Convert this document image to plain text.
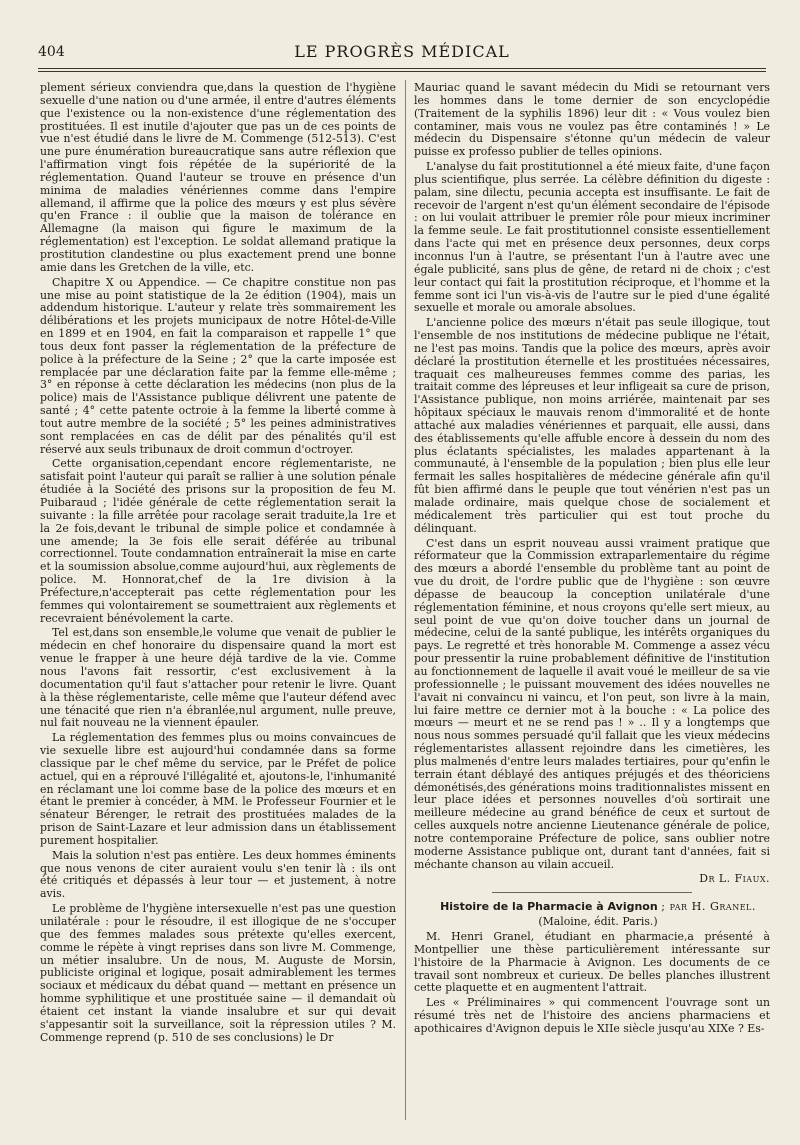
404	LE PROGRÈS MÉDICAL

plement sérieux conviendra que,dans la question de l'hygiène sexuelle d'une nation ou d'une armée, il entre d'autres éléments que l'existence ou la non-existence d'une réglementation des prostituées. Il est inutile d'ajouter que pas un de ces points de vue n'est étudié dans le livre de M. Commenge (512-513). C'est une pure énumération bureaucratique sans autre réflexion que l'affirmation vingt fois répétée de la supériorité de la réglementation. Quand l'auteur se trouve en présence d'un minima de maladies vénériennes comme dans l'empire allemand, il affirme que la police des mœurs y est plus sévère qu'en France : il oublie que la maison de tolérance en Allemagne (la maison qui figure le maximum de la réglementation) est l'exception. Le soldat allemand pratique la prostitution clandestine ou plus exactement prend une bonne amie dans les Gretchen de la ville, etc.

Chapitre X ou Appendice. — Ce chapitre constitue non pas une mise au point statistique de la 2e édition (1904), mais un addendum historique. L'auteur y relate très sommairement les délibérations et les projets municipaux de notre Hôtel-de-Ville en 1899 et en 1904, en fait la comparaison et rappelle 1° que tous deux font passer la réglementation de la préfecture de police à la préfecture de la Seine ; 2° que la carte imposée est remplacée par une déclaration faite par la femme elle-même ; 3° en réponse à cette déclaration les médecins (non plus de la police) mais de l'Assistance publique délivrent une patente de santé ; 4° cette patente octroie à la femme la liberté comme à tout autre membre de la société ; 5° les peines administratives sont remplacées en cas de délit par des pénalités qu'il est réservé aux seuls tribunaux de droit commun d'octroyer.

Cette organisation,cependant encore réglementariste, ne satisfait point l'auteur qui paraît se rallier à une solution pénale étudiée à la Société des prisons sur la proposition de feu M. Puibaraud ; l'idée générale de cette réglementation serait la suivante : la fille arrêtée pour racolage serait traduite,la 1re et la 2e fois,devant le tribunal de simple police et condamnée à une amende; la 3e fois elle serait déférée au tribunal correctionnel. Toute condamnation entraînerait la mise en carte et la soumission absolue,comme aujourd'hui, aux règlements de police. M. Honnorat,chef de la 1re division à la Préfecture,n'accepterait pas cette réglementation pour les femmes qui volontairement se soumettraient aux règlements et recevraient bénévolement la carte.

Tel est,dans son ensemble,le volume que venait de publier le médecin en chef honoraire du dispensaire quand la mort est venue le frapper à une heure déjà tardive de la vie. Comme nous l'avons fait ressortir, c'est exclusivement à la documentation qu'il faut s'attacher pour retenir le livre. Quant à la thèse réglementariste, celle même que l'auteur défend avec une ténacité que rien n'a ébranlée,nul argument, nulle preuve, nul fait nouveau ne la viennent épauler.

La réglementation des femmes plus ou moins convaincues de vie sexuelle libre est aujourd'hui condamnée dans sa forme classique par le chef même du service, par le Préfet de police actuel, qui en a réprouvé l'illégalité et, ajoutons-le, l'inhumanité en réclamant une loi comme base de la police des mœurs et en étant le premier à concéder, à MM. le Professeur Fournier et le sénateur Bérenger, le retrait des prostituées malades de la prison de Saint-Lazare et leur admission dans un établissement purement hospitalier.

Mais la solution n'est pas entière. Les deux hommes éminents que nous venons de citer auraient voulu s'en tenir là : ils ont été critiqués et dépassés à leur tour — et justement, à notre avis.

Le problème de l'hygiène intersexuelle n'est pas une question unilatérale : pour le résoudre, il est illogique de ne s'occuper que des femmes malades sous prétexte qu'elles exercent, comme le répète à vingt reprises dans son livre M. Commenge, un métier insalubre. Un de nous, M. Auguste de Morsin, publiciste original et logique, posait admirablement les termes sociaux et médicaux du débat quand — mettant en présence un homme syphilitique et une prostituée saine — il demandait où étaient cet instant la viande insalubre et sur qui devait s'appesantir soit la surveillance, soit la répression utiles ? M. Commenge reprend (p. 510 de ses conclusions) le Dr

Mauriac quand le savant médecin du Midi se retournant vers les hommes dans le tome dernier de son encyclopédie (Traitement de la syphilis 1896) leur dit : « Vous voulez bien contaminer, mais vous ne voulez pas être contaminés ! » Le médecin du Dispensaire s'étonne qu'un médecin de valeur puisse ex professo publier de telles opinions.

L'analyse du fait prostitutionnel a été mieux faite, d'une façon plus scientifique, plus serrée. La célèbre définition du digeste : palam, sine dilectu, pecunia accepta est insuffisante. Le fait de recevoir de l'argent n'est qu'un élément secondaire de l'épisode : on lui voulait attribuer le premier rôle pour mieux incriminer la femme seule. Le fait prostitutionnel consiste essentiellement dans l'acte qui met en présence deux personnes, deux corps inconnus l'un à l'autre, se présentant l'un à l'autre avec une égale publicité, sans plus de gêne, de retard ni de choix ; c'est leur contact qui fait la prostitution réciproque, et l'homme et la femme sont ici l'un vis-à-vis de l'autre sur le pied d'une égalité sexuelle et morale ou amorale absolues.

L'ancienne police des mœurs n'était pas seule illogique, tout l'ensemble de nos institutions de médecine publique ne l'était, ne l'est pas moins. Tandis que la police des mœurs, après avoir déclaré la prostitution éternelle et les prostituées nécessaires, traquait ces malheureuses femmes comme des parias, les traitait comme des lépreuses et leur infligeait sa cure de prison, l'Assistance publique, non moins arriérée, maintenait par ses hôpitaux spéciaux le mauvais renom d'immoralité et de honte attaché aux maladies vénériennes et parquait, elle aussi, dans des établissements qu'elle affuble encore à dessein du nom des plus éclatants spécialistes, les malades appartenant à la communauté, à l'ensemble de la population ; bien plus elle leur fermait les salles hospitalières de médecine générale afin qu'il fût bien affirmé dans le peuple que tout vénérien n'est pas un malade ordinaire, mais quelque chose de socialement et médicalement très particulier qui est tout proche du délinquant.

C'est dans un esprit nouveau aussi vraiment pratique que réformateur que la Commission extraparlementaire du régime des mœurs a abordé l'ensemble du problème tant au point de vue du droit, de l'ordre public que de l'hygiène : son œuvre dépasse de beaucoup la conception unilatérale d'une réglementation féminine, et nous croyons qu'elle sert mieux, au seul point de vue qu'on doive toucher dans un journal de médecine, celui de la santé publique, les intérêts organiques du pays. Le regretté et très honorable M. Commenge a assez vécu pour pressentir la ruine probablement définitive de l'institution au fonctionnement de laquelle il avait voué le meilleur de sa vie professionnelle ; le puissant mouvement des idées nouvelles ne l'avait ni convaincu ni vaincu, et l'on peut, son livre à la main, lui faire mettre ce dernier mot à la bouche : « La police des mœurs — meurt et ne se rend pas ! » .. Il y a longtemps que nous nous sommes persuadé qu'il fallait que les vieux médecins réglementaristes allassent rejoindre dans les cimetières, les plus malmenés d'entre leurs malades tertiaires, pour qu'enfin le terrain étant déblayé des antiques préjugés et des théoriciens démonétisés,des générations moins traditionnalistes missent en leur place idées et personnes nouvelles d'où sortirait une meilleure médecine au grand bénéfice de ceux et surtout de celles auxquels notre ancienne Lieutenance générale de police, notre contemporaine Préfecture de police, sans oublier notre moderne Assistance publique ont, durant tant d'années, fait si méchante chanson au vilain accueil.

Dr L. Fiaux.

Histoire de la Pharmacie à Avignon ; par H. Granel.

(Maloine, édit. Paris.)

M. Henri Granel, étudiant en pharmacie,a présenté à Montpellier une thèse particulièrement intéressante sur l'histoire de la Pharmacie à Avignon. Les documents de ce travail sont nombreux et curieux. De belles planches illustrent cette plaquette et en augmentent l'attrait.

Les « Préliminaires » qui commencent l'ouvrage sont un résumé très net de l'histoire des anciens pharmaciens et apothicaires d'Avignon depuis le XIIe siècle jusqu'au XIXe ? Es-
